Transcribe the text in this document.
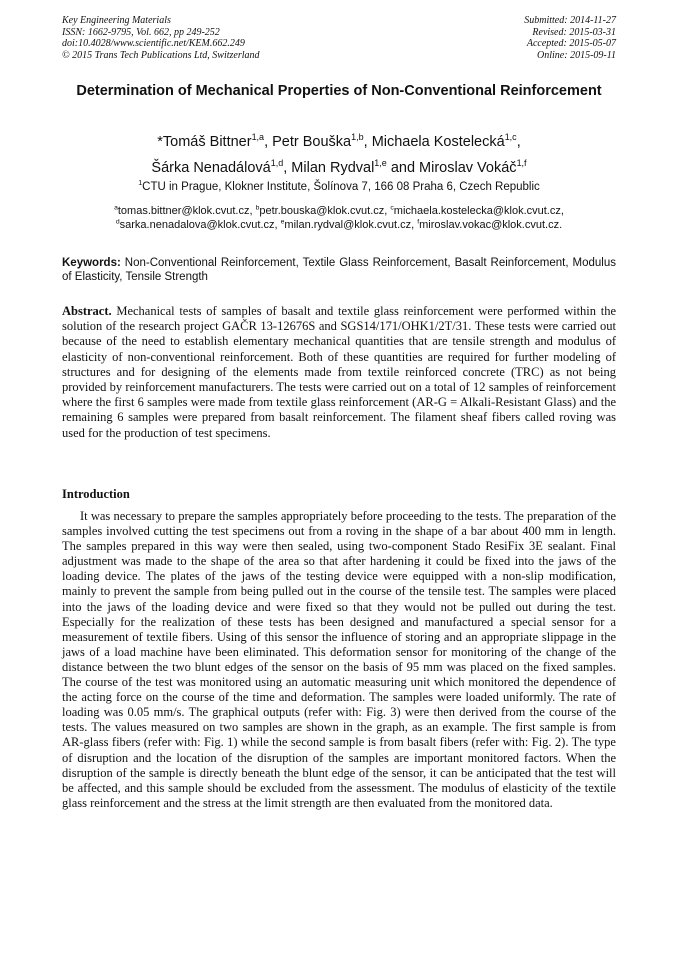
Key Engineering Materials
ISSN: 1662-9795, Vol. 662, pp 249-252
doi:10.4028/www.scientific.net/KEM.662.249
© 2015 Trans Tech Publications Ltd, Switzerland
Submitted: 2014-11-27
Revised: 2015-03-31
Accepted: 2015-05-07
Online: 2015-09-11
Determination of Mechanical Properties of Non-Conventional Reinforcement
*Tomáš Bittner$^{1,a}$, Petr Bouška$^{1,b}$, Michaela Kostelecká$^{1,c}$,
Šárka Nenadálová$^{1,d}$, Milan Rydval$^{1,e}$ and Miroslav Vokáč$^{1,f}$
$^1$CTU in Prague, Klokner Institute, Šolínova 7, 166 08 Praha 6, Czech Republic
$^a$tomas.bittner@klok.cvut.cz, $^b$petr.bouska@klok.cvut.cz, $^c$michaela.kostelecka@klok.cvut.cz,
$^d$sarka.nenadalova@klok.cvut.cz, $^e$milan.rydval@klok.cvut.cz, $^f$miroslav.vokac@klok.cvut.cz.
Keywords: Non-Conventional Reinforcement, Textile Glass Reinforcement, Basalt Reinforcement, Modulus of Elasticity, Tensile Strength
Abstract. Mechanical tests of samples of basalt and textile glass reinforcement were performed within the solution of the research project GAČR 13-12676S and SGS14/171/OHK1/2T/31. These tests were carried out because of the need to establish elementary mechanical quantities that are tensile strength and modulus of elasticity of non-conventional reinforcement. Both of these quantities are required for further modeling of structures and for designing of the elements made from textile reinforced concrete (TRC) as not being provided by reinforcement manufacturers. The tests were carried out on a total of 12 samples of reinforcement where the first 6 samples were made from textile glass reinforcement (AR-G = Alkali-Resistant Glass) and the remaining 6 samples were prepared from basalt reinforcement. The filament sheaf fibers called roving was used for the production of test specimens.
Introduction
It was necessary to prepare the samples appropriately before proceeding to the tests. The preparation of the samples involved cutting the test specimens out from a roving in the shape of a bar about 400 mm in length. The samples prepared in this way were then sealed, using two-component Stado ResiFix 3E sealant. Final adjustment was made to the shape of the area so that after hardening it could be fixed into the jaws of the loading device. The plates of the jaws of the testing device were equipped with a non-slip modification, mainly to prevent the sample from being pulled out in the course of the tensile test. The samples were placed into the jaws of the loading device and were fixed so that they would not be pulled out during the test. Especially for the realization of these tests has been designed and manufactured a special sensor for a measurement of textile fibers. Using of this sensor the influence of storing and an appropriate slippage in the jaws of a load machine have been eliminated. This deformation sensor for monitoring of the change of the distance between the two blunt edges of the sensor on the basis of 95 mm was placed on the fixed samples. The course of the test was monitored using an automatic measuring unit which monitored the dependence of the acting force on the course of the time and deformation. The samples were loaded uniformly. The rate of loading was 0.05 mm/s. The graphical outputs (refer with: Fig. 3) were then derived from the course of the tests. The values measured on two samples are shown in the graph, as an example. The first sample is from AR-glass fibers (refer with: Fig. 1) while the second sample is from basalt fibers (refer with: Fig. 2). The type of disruption and the location of the disruption of the samples are important monitored factors. When the disruption of the sample is directly beneath the blunt edge of the sensor, it can be anticipated that the test will be affected, and this sample should be excluded from the assessment. The modulus of elasticity of the textile glass reinforcement and the stress at the limit strength are then evaluated from the monitored data.
